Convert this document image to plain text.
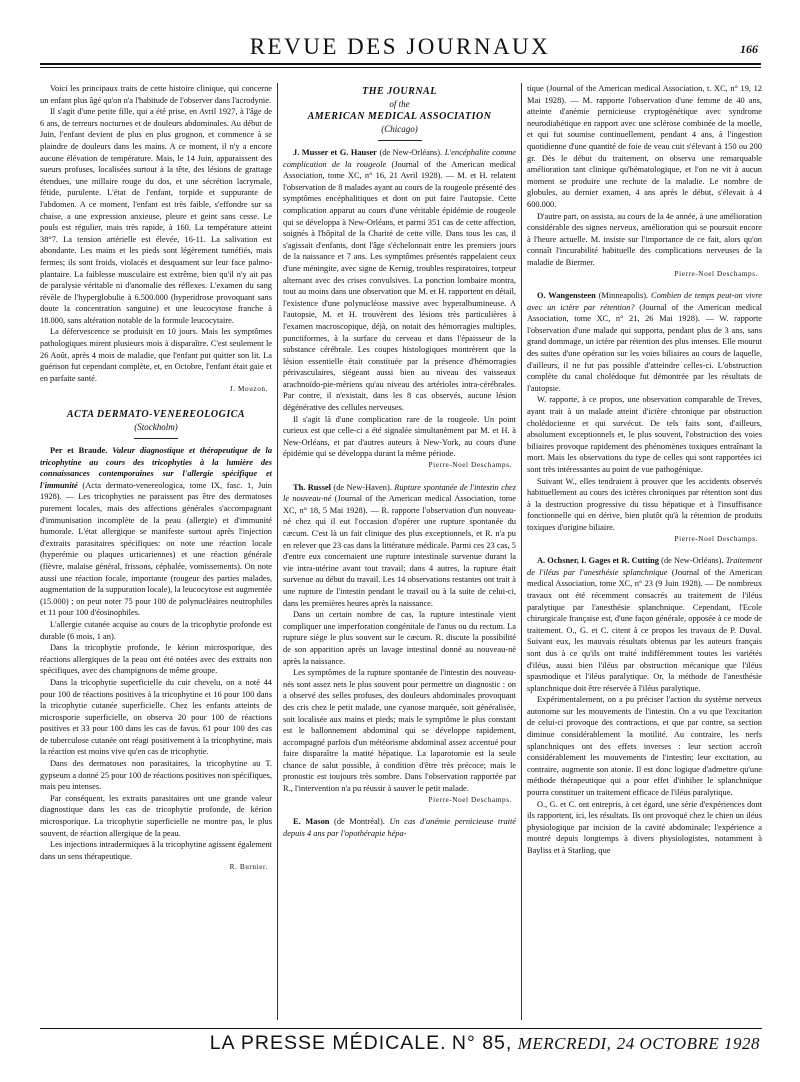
REVUE DES JOURNAUX	166

Voici les principaux traits de cette histoire clinique, qui concerne un enfant plus âgé qu'on n'a l'habitude de l'observer dans l'acrodynie.

Il s'agit d'une petite fille, qui a été prise, en Avril 1927, à l'âge de 6 ans, de terreurs nocturnes et de douleurs abdominales. Au début de Juin, l'enfant devient de plus en plus grognon, et commence à se plaindre de douleurs dans les mains. A ce moment, il n'y a encore aucune élévation de température. Mais, le 14 Juin, apparaissent des sueurs profuses, localisées surtout à la tête, des lésions de grattage étendues, une millaire rouge du dos, et une sécrétion lacrymale, fétide, purulente. L'état de l'enfant, torpide et suppurante de l'abdomen. A ce moment, l'enfant est très faible, s'effondre sur sa chaise, a une expression anxieuse, pleure et geint sans cesse. Le pouls est régulier, mais très rapide, à 160. La température atteint 38°7. La tension artérielle est élevée, 16-11. La salivation est abondante. Les mains et les pieds sont légèrement tuméfiés, mais fermes; ils sont froids, violacés et desquament sur leur face palmo-plantaire. La faiblesse musculaire est extrême, bien qu'il n'y ait pas de paralysie véritable ni d'anomalie des réflexes. L'examen du sang révèle de l'hyperglobulie à 6.500.000 (hyperidrose provoquant sans doute la concentration sanguine) et une leucocytose franche à 18.000, sans altération notable de la formule leucocytaire.

La défervescence se produisit en 10 jours. Mais les symptômes pathologiques mirent plusieurs mois à disparaître. C'est seulement le 26 Août, après 4 mois de maladie, que l'enfant put quitter son lit. La guérison fut cependant complète, et, en Octobre, l'enfant était gaie et en parfaite santé.

J. Mouzon.
ACTA DERMATO-VENEREOLOGICA
(Stockholm)

Per et Braude. Valeur diagnostique et thérapeutique de la tricophytine au cours des tricophyties à la lumière des connaissances contemporaines sur l'allergie spécifique et l'immunité (Acta dermato-venereologica, tome IX, fasc. 1, Juin 1928). — Les tricophyties ne paraissent pas être des dermatoses purement locales, mais des affections générales s'accompagnant d'immunisation incomplète de la peau (allergie) et d'immunité humorale. L'état allergique se manifeste surtout après l'injection d'extraits parasitaires spécifiques: on note une réaction locale (hyperémie ou plaques urticariennes) et une réaction générale (fièvre, malaise général, frissons, céphalée, vomissements). On note aussi une réaction focale, importante (rougeur des parties malades, augmentation de la suppuration locale), la leucocytose est augmentée (15.000) ; on peut noter 75 pour 100 de polynucléaires neutrophiles et 11 pour 100 d'éosinophiles.

L'allergie cutanée acquise au cours de la tricophytie profonde est durable (6 mois, 1 an).

Dans la tricophytie profonde, le kérion microsporique, des réactions allergiques de la peau ont été notées avec des extraits non spécifiques, avec des champignons de même groupe.

Dans la tricophytie superficielle du cuir chevelu, on a noté 44 pour 100 de réactions positives à la tricophytine et 16 pour 100 dans la tricophytie cutanée superficielle. Chez les enfants atteints de microsporie superficielle, on observa 20 pour 100 de réactions positives et 33 pour 100 dans les cas de favus. 61 pour 100 des cas de tuberculose cutanée ont réagi positivement à la tricophytine, mais la réaction est moins vive qu'en cas de tricophytie.

Dans des dermatoses non parasitaires, la tricophytine au T. gypseum a donné 25 pour 100 de réactions positives non spécifiques, mais peu intenses.

Par conséquent, les extraits parasitaires ont une grande valeur diagnostique dans les cas de tricophytie profonde, de kérion microsporique. La tricophytie superficielle ne montre pas, le plus souvent, de réaction allergique de la peau.

Les injections intradermiques à la tricophytine agissent également dans un sens thérapeutique.

R. Burnier.
THE JOURNAL
of the
AMERICAN MEDICAL ASSOCIATION
(Chicago)

J. Musser et G. Hauser (de New-Orléans). L'encéphalite comme complication de la rougeole (Journal of the American medical Association, tome XC, n° 16, 21 Avril 1928). — M. et H. relatent l'observation de 8 malades ayant au cours de la rougeole présenté des symptômes encéphalitiques et dont on put faire l'autopsie. Cette complication apparut au cours d'une véritable épidémie de rougeole qui se développa à New-Orléans, et parmi 351 cas de cette affection, soignés à l'hôpital de la Charité de cette ville. Dans tous les cas, il s'agissait d'enfants, dont l'âge s'échelonnait entre les premiers jours de la naissance et 7 ans. Les symptômes présentés rappelaient ceux d'une méningite, avec signe de Kernig, troubles respiratoires, torpeur alternant avec des crises convulsives. La ponction lombaire montra, tout au moins dans une observation que M. et H. rapportent en détail, l'existence d'une polynucléose massive avec hyperalbumineuse. A l'autopsie, M. et H. trouvèrent des lésions très particulières à l'examen macroscopique, déjà, on notait des hémorragies multiples, punctiformes, à la surface du cerveau et dans l'épaisseur de la substance cérébrale. Les coupes histologiques montrèrent que la lésion essentielle était constituée par la présence d'hémorragies périvasculaires, siégeant aussi bien au niveau des vaisseaux arachnoïdo-pie-mériens qu'au niveau des artérioles intra-cérébrales. Par contre, il n'existait, dans les 8 cas observés, aucune lésion dégénérative des cellules nerveuses.

Il s'agit là d'une complication rare de la rougeole. Un point curieux est que celle-ci a été signalée simultanément par M. et H. à New-Orléans, et par d'autres auteurs à New-York, au cours d'une épidémie qui se développa durant la même période.

Pierre-Noel Deschamps.

Th. Russel (de New-Haven). Rupture spontanée de l'intestin chez le nouveau-né (Journal of the American medical Association, tome XC, n° 18, 5 Mai 1928). — R. rapporte l'observation d'un nouveau-né chez qui il eut l'occasion d'opérer une rupture spontanée du cæcum. C'est là un fait clinique des plus exceptionnels, et R. n'a pu en relever que 23 cas dans la littérature médicale. Parmi ces 23 cas, 5 d'entre eux concernaient une rupture intestinale survenue durant la vie intra-utérine avant tout travail; dans 4 autres, la rupture était survenue au début du travail. Les 14 observations restantes ont trait à une rupture de l'intestin pendant le travail ou à la suite de celui-ci, dans les premières heures après la naissance.

Dans un certain nombre de cas, la rupture intestinale vient compliquer une imperforation congénitale de l'anus ou du rectum. La rupture siège le plus souvent sur le cæcum. R. discute la possibilité de son apparition après un lavage intestinal donné au nouveau-né après la naissance.

Les symptômes de la rupture spontanée de l'intestin des nouveau-nés sont assez nets le plus souvent pour permettre un diagnostic : on a observé des selles profuses, des douleurs abdominales provoquant des cris chez le petit malade, une cyanose marquée, soit généralisée, soit localisée aux mains et pieds; mais le symptôme le plus constant est le ballonnement abdominal qui se développe rapidement, accompagné parfois d'un météorisme abdominal assez accentué pour faire disparaître la matité hépatique. La laparotomie est la seule chance de salut possible, à condition d'être très précoce; mais le pronostic est toujours très sombre. Dans l'observation rapportée par R., l'intervention n'a pu réussir à sauver le petit malade.

Pierre-Noel Deschamps.

E. Mason (de Montréal). Un cas d'anémie pernicieuse traité depuis 4 ans par l'opothérapie hépa-

tique (Journal of the American medical Association, t. XC, n° 19, 12 Mai 1928). — M. rapporte l'observation d'une femme de 40 ans, atteinte d'anémie pernicieuse cryptogénétique avec syndrome neurodiabétique en rapport avec une sclérose combinée de la moelle, et qui fut soumise continuellement, pendant 4 ans, à l'ingestion quotidienne d'une quantité de foie de veau cuit s'élevant à 150 ou 200 gr. Dès le début du traitement, on observa une remarquable amélioration tant clinique qu'hématologique, et l'on ne vit à aucun moment se produire une rechute de la maladie. Le nombre de globules, au dernier examen, 4 ans après le début, s'élevait à 4 600.000.

D'autre part, on assista, au cours de la 4e année, à une amélioration considérable des signes nerveux, amélioration qui se poursuit encore à l'heure actuelle. M. insiste sur l'importance de ce fait, alors qu'on connaît l'incurabilité habituelle des complications nerveuses de la maladie de Biermer.

Pierre-Noel Deschamps.

O. Wangensteen (Minneapolis). Combien de temps peut-on vivre avec un ictère par rétention? (Journal of the American medical Association, tome XC, n° 21, 26 Mai 1928). — W. rapporte l'observation d'une malade qui supporta, pendant plus de 3 ans, sans grand dommage, un ictère par rétention des plus intenses. Elle mourut des suites d'une opération sur les voies biliaires au cours de laquelle, d'ailleurs, il ne fut pas possible d'atteindre celles-ci. L'obstruction complète du canal cholédoque fut démontrée par les résultats de l'autopsie.

W. rapporte, à ce propos, une observation comparable de Treves, ayant trait à un malade atteint d'ictère chronique par obstruction cholédocienne et qui survécut. De tels faits sont, d'ailleurs, absolument exceptionnels et, le plus souvent, l'obstruction des voies biliaires provoque rapidement des phénomènes toxiques entraînant la mort. Mais les observations du type de celles qui sont rapportées ici sont très intéressantes au point de vue pathogénique.

Suivant W., elles tendraient à prouver que les accidents observés habituellement au cours des ictères chroniques par rétention sont dus à la destruction progressive du tissu hépatique et à l'insuffisance fonctionnelle qui en dérive, bien plutôt qu'à la rétention de produits toxiques d'origine biliaire.

Pierre-Noel Deschamps.

A. Ochsner, I. Gages et R. Cutting (de New-Orléans). Traitement de l'iléus par l'anesthésie splanchnique (Journal of the American medical Association, tome XC, n° 23 (9 Juin 1928). — De nombreux travaux ont été récemment consacrés au traitement de l'iléus paralytique par l'anesthésie splanchnique. Cependant, l'Ecole chirurgicale française est, d'une façon générale, opposée à ce mode de traitement. O., G. et C. citent à ce propos les travaux de P. Duval. Suivant eux, les mauvais résultats obtenus par les auteurs français sont dus à ce qu'ils ont traité indifféremment toutes les variétés d'iléus, aussi bien l'iléus par obstruction mécanique que l'iléus spasmodique et l'iléus paralytique. Or, la méthode de l'anesthésie splanchnique doit être réservée à l'iléus paralytique.

Expérimentalement, on a pu préciser l'action du système nerveux autonome sur les mouvements de l'intestin. On a vu que l'excitation de celui-ci provoque des contractions, et que par contre, sa section diminue considérablement la motilité. Au contraire, les nerfs splanchniques ont des effets inverses : leur section accroît considérablement les mouvements de l'intestin; leur excitation, au contraire, augmente son atonie. Il est donc logique d'admettre qu'une méthode thérapeutique qui a pour effet d'inhiber le splanchnique pourra constituer un traitement efficace de l'iléus paralytique.

O., G. et C. ont entrepris, à cet égard, une série d'expériences dont ils rapportent, ici, les résultats. Ils ont provoqué chez le chien un iléus physiologique par incision de la cavité abdominale; l'expérience a montré depuis longtemps à divers physiologistes, notamment à Bayliss et à Starling, que

LA PRESSE MÉDICALE. N° 85, MERCREDI, 24 OCTOBRE 1928
